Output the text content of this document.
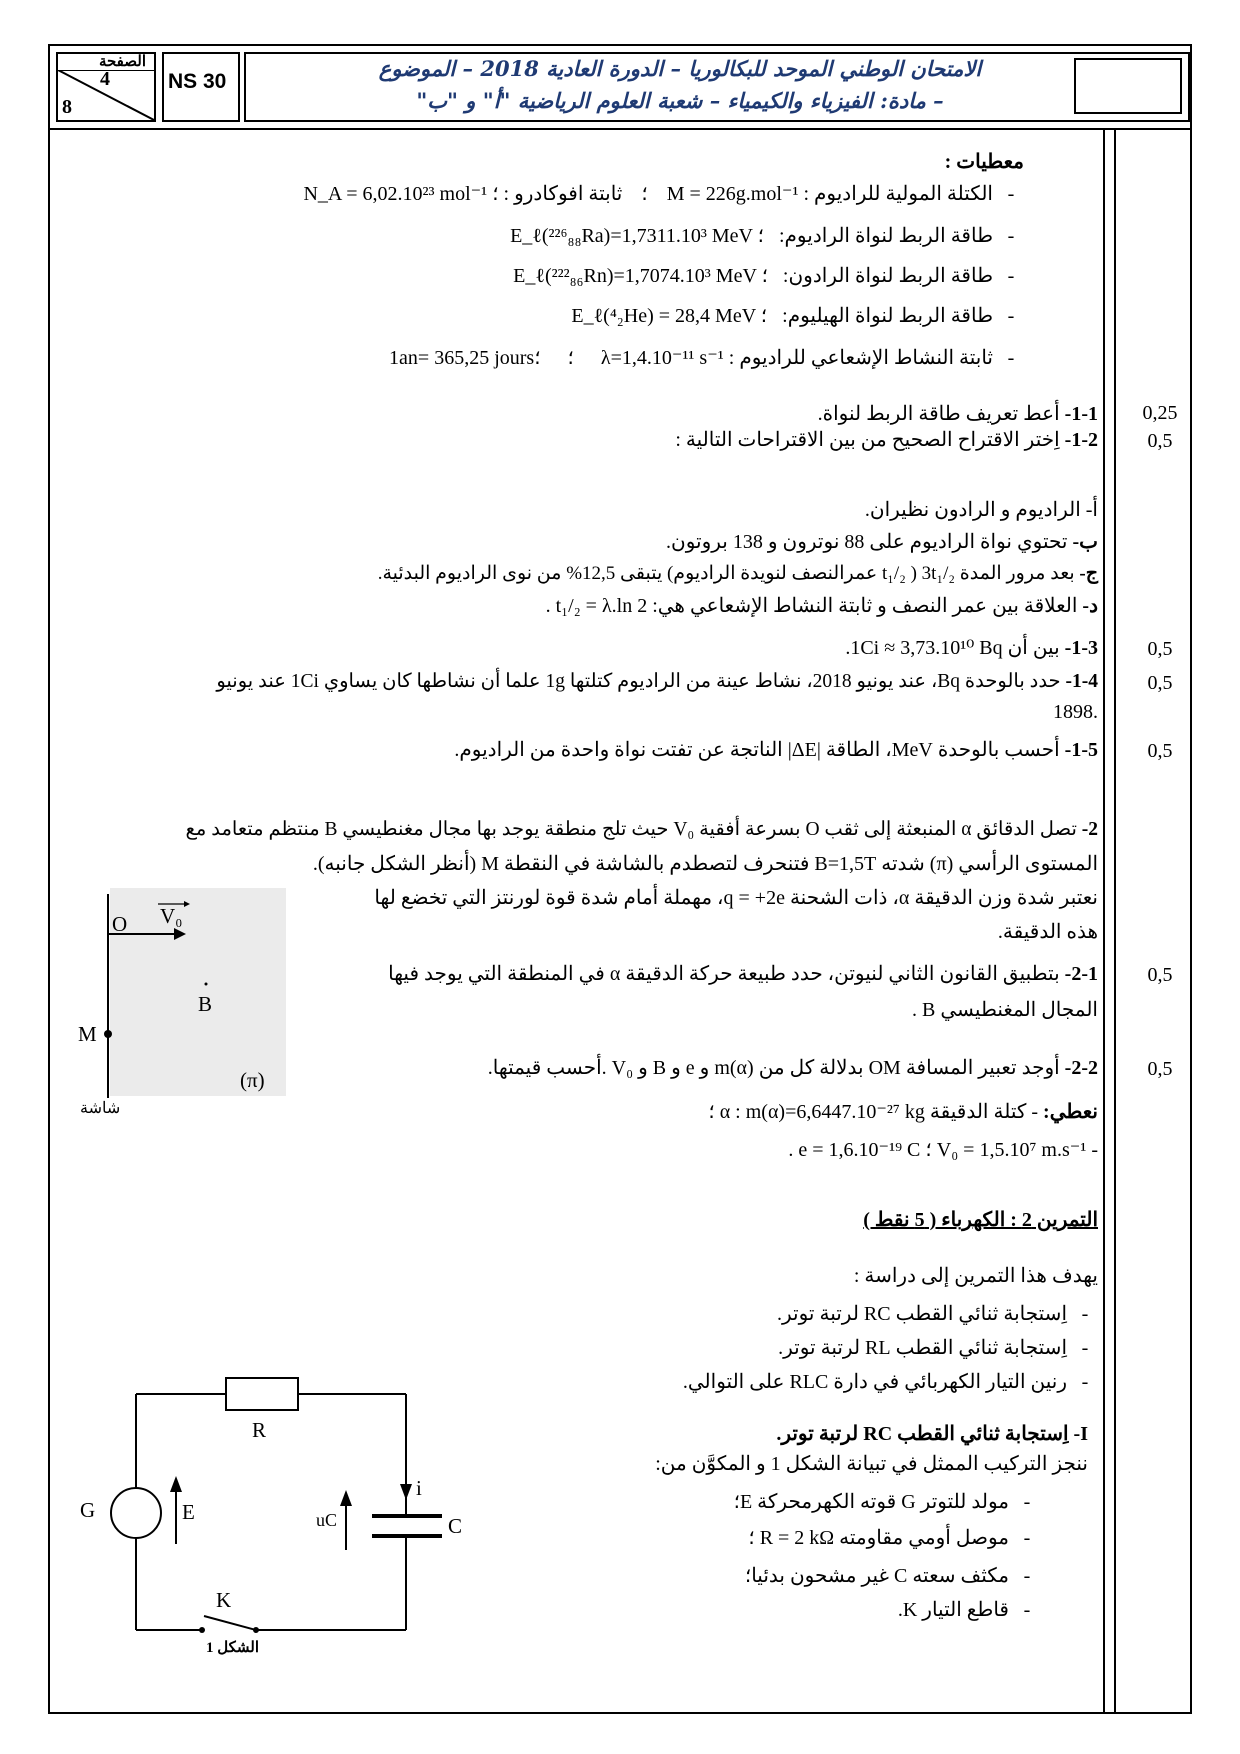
الصفحة
4
8
NS 30
الامتحان الوطني الموحد للبكالوريا – الدورة العادية 2018 – الموضوع
– مادة: الفيزياء والكيمياء – شعبة العلوم الرياضية "أ" و "ب"
معطيات :
- الكتلة المولية للراديوم : M = 226g.mol⁻¹ ؛ ثابتة افوكادرو : N_A = 6,02.10²³ mol⁻¹ ؛
- طاقة الربط لنواة الراديوم: E_ℓ(²²⁶₈₈Ra)=1,7311.10³ MeV ؛
- طاقة الربط لنواة الرادون: E_ℓ(²²²₈₆Rn)=1,7074.10³ MeV ؛
- طاقة الربط لنواة الهيليوم: E_ℓ(⁴₂He) = 28,4 MeV ؛
- ثابتة النشاط الإشعاعي للراديوم : λ=1,4.10⁻¹¹ s⁻¹ ؛ 1an= 365,25 jours؛
1-1- أعط تعريف طاقة الربط لنواة.	0,25
1-2- اِختر الاقتراح الصحيح من بين الاقتراحات التالية :	0,5
أ- الراديوم و الرادون نظيران.
ب- تحتوي نواة الراديوم على 88 نوترون و 138 بروتون.
ج- بعد مرور المدة 3t₁/₂ ( t₁/₂ عمرالنصف لنويدة الراديوم) يتبقى 12,5% من نوى الراديوم البدئية.
د- العلاقة بين عمر النصف و ثابتة النشاط الإشعاعي هي: t₁/₂ = λ.ln 2 .
1-3- بين أن 1Ci ≈ 3,73.10¹⁰ Bq.	0,5
1-4- حدد بالوحدة Bq، عند يونيو 2018، نشاط عينة من الراديوم كتلتها 1g علما أن نشاطها كان يساوي 1Ci عند يونيو
.1898
0,5
1-5- أحسب بالوحدة MeV، الطاقة |ΔE| الناتجة عن تفتت نواة واحدة من الراديوم.	0,5
2- تصل الدقائق α المنبعثة إلى ثقب O بسرعة أفقية V₀ حيث تلج منطقة يوجد بها مجال مغنطيسي B منتظم متعامد مع
المستوى الرأسي (π) شدته B=1,5T فتنحرف لتصطدم بالشاشة في النقطة M (أنظر الشكل جانبه).
نعتبر شدة وزن الدقيقة α، ذات الشحنة q = +2e، مهملة أمام شدة قوة لورنتز التي تخضع لها
هذه الدقيقة.
2-1- بتطبيق القانون الثاني لنيوتن، حدد طبيعة حركة الدقيقة α في المنطقة التي يوجد فيها
المجال المغنطيسي B .
0,5
2-2- أوجد تعبير المسافة OM بدلالة كل من m(α) و e و B و V₀ .أحسب قيمتها.	0,5
نعطي: - كتلة الدقيقة α : m(α)=6,6447.10⁻²⁷ kg ؛
- V₀ = 1,5.10⁷ m.s⁻¹ ؛ e = 1,6.10⁻¹⁹ C .
O V₀
B
M
(π)
شاشة
التمرين 2 : الكهرباء ( 5 نقط )
يهدف هذا التمرين إلى دراسة :
- اِستجابة ثنائي القطب RC لرتبة توتر.
- اِستجابة ثنائي القطب RL لرتبة توتر.
- رنين التيار الكهربائي في دارة RLC على التوالي.
I- اِستجابة ثنائي القطب RC لرتبة توتر.
ننجز التركيب الممثل في تبيانة الشكل 1 و المكوَّن من:
- مولد للتوتر G قوته الكهرمحركة E؛
- موصل أومي مقاومته R = 2 kΩ ؛
- مكثف سعته C غير مشحون بدئيا؛
- قاطع التيار K.
R
G	E
i
uC	C
K
الشكل 1
